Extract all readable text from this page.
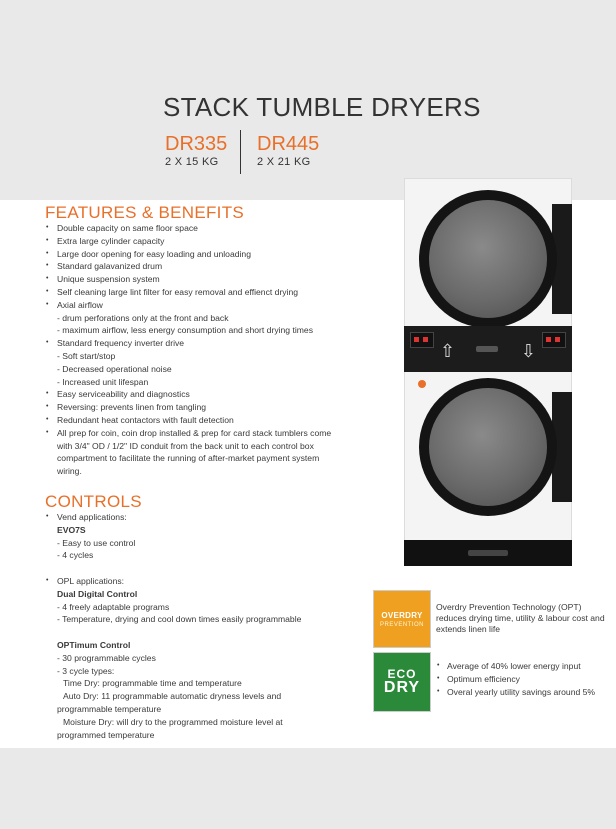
STACK TUMBLE DRYERS
DR335
2 X 15 KG
DR445
2 X 21 KG
FEATURES & BENEFITS
• Double capacity on same floor space
• Extra large cylinder capacity
• Large door opening for easy loading and unloading
• Standard galavanized drum
• Unique suspension system
• Self cleaning large lint filter for easy removal and effienct drying
• Axial airflow
- drum perforations only at the front and back
- maximum airflow, less energy consumption and short drying times
• Standard frequency inverter drive
- Soft start/stop
- Decreased operational noise
- Increased unit lifespan
• Easy serviceability and diagnostics
• Reversing: prevents linen from tangling
• Redundant heat contactors with fault detection
• All prep for coin, coin drop installed & prep for card stack tumblers come
with 3/4" OD / 1/2" ID conduit from the back unit to each control box
compartment to facilitate the running of after-market payment system
wiring.
CONTROLS
• Vend applications:
EVO7S
- Easy to use control
- 4 cycles
• OPL applications:
Dual Digital Control
- 4 freely adaptable programs
- Temperature, drying and cool down times easily programmable
OPTimum Control
- 30 programmable cycles
- 3 cycle types:
Time Dry: programmable time and temperature
Auto Dry: 11 programmable automatic dryness levels and
programmable temperature
Moisture Dry: will dry to the programmed moisture level at
programmed temperature
⇧	⇩
OVERDRY
PREVENTION
Overdry Prevention Technology (OPT) reduces drying time, utility & labour cost and extends linen life
ECO
DRY
• Average of 40% lower energy input
• Optimum efficiency
• Overal yearly utility savings around 5%
